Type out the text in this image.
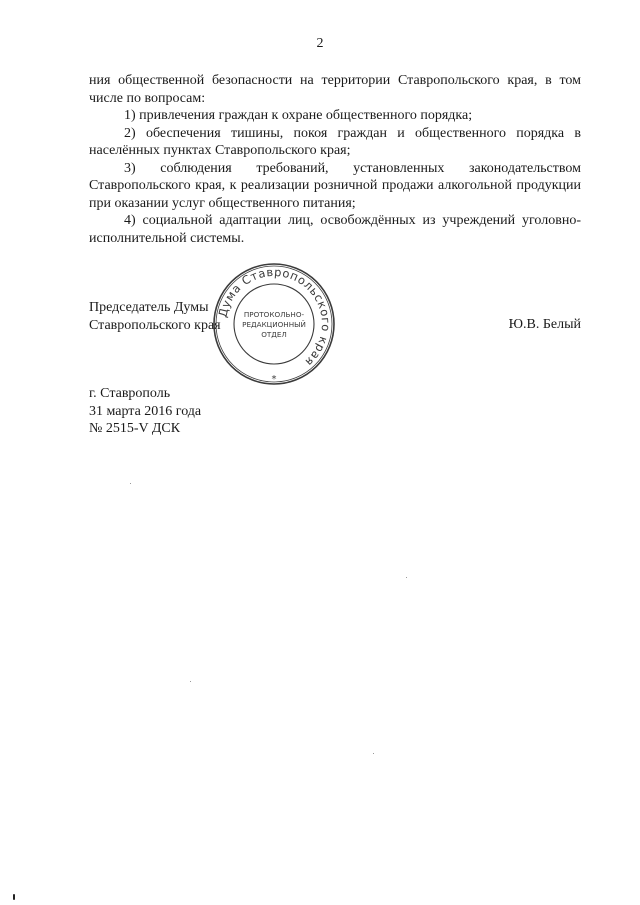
2

ния общественной безопасности на территории Ставропольского края, в том числе по вопросам:

1) привлечения граждан к охране общественного порядка;

2) обеспечения тишины, покоя граждан и общественного порядка в населённых пунктах Ставропольского края;

3) соблюдения требований, установленных законодательством Ставропольского края, к реализации розничной продажи алкогольной продукции при оказании услуг общественного питания;

4) социальной адаптации лиц, освобождённых из учреждений уголовно-исполнительной системы.

Председатель Думы
Ставропольского края	Ю.В. Белый
Дума Ставропольского края
ПРОТОКОЛЬНО-
РЕДАКЦИОННЫЙ
ОТДЕЛ
*
г. Ставрополь
31 марта 2016 года
№ 2515-V ДСК
